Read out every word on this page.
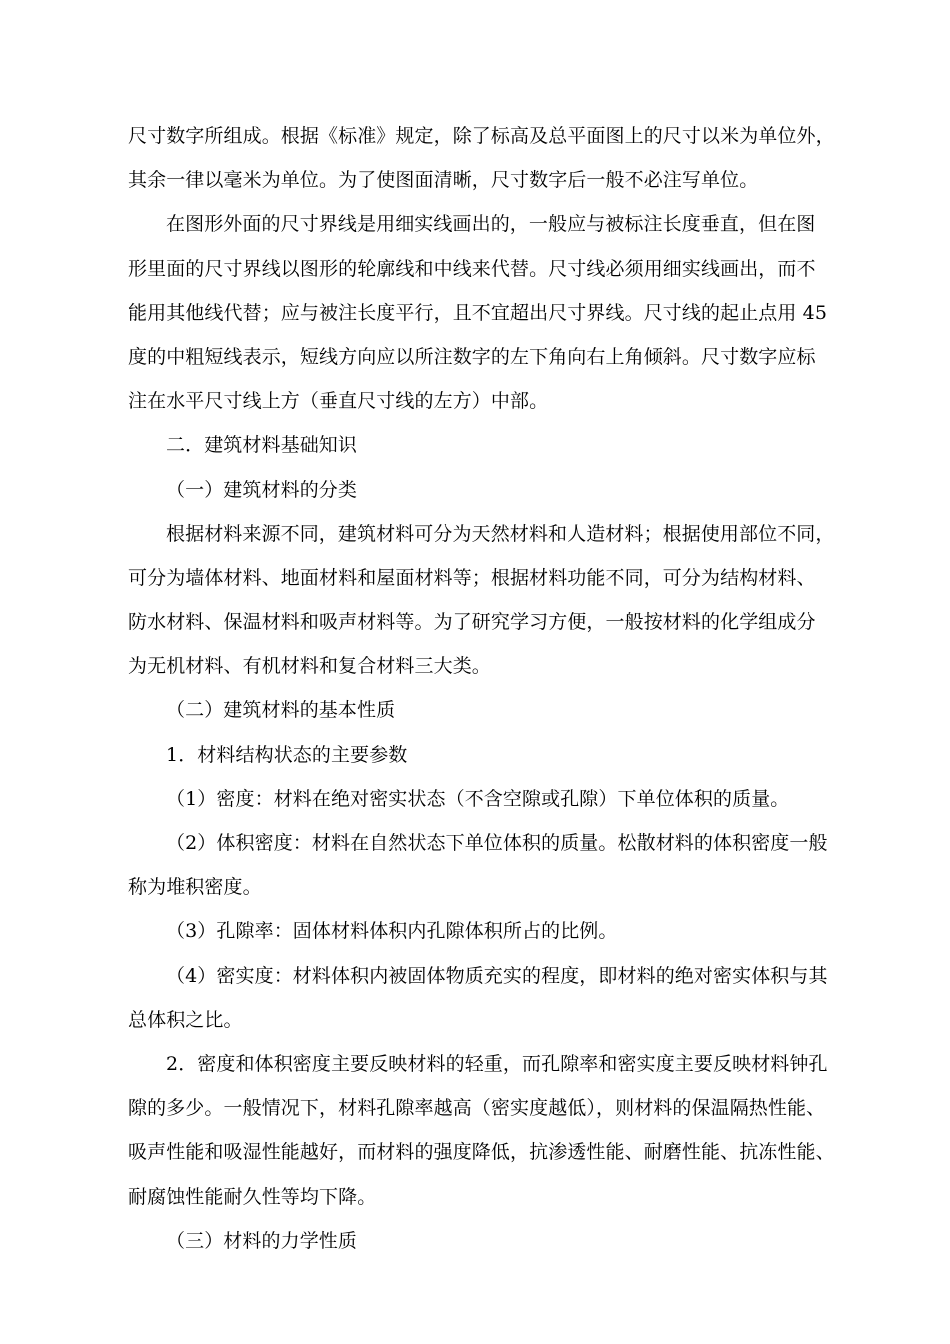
尺寸数字所组成。根据《标准》规定，除了标高及总平面图上的尺寸以米为单位外，
其余一律以毫米为单位。为了使图面清晰，尺寸数字后一般不必注写单位。
在图形外面的尺寸界线是用细实线画出的，一般应与被标注长度垂直，但在图
形里面的尺寸界线以图形的轮廓线和中线来代替。尺寸线必须用细实线画出，而不
能用其他线代替；应与被注长度平行，且不宜超出尺寸界线。尺寸线的起止点用 45
度的中粗短线表示，短线方向应以所注数字的左下角向右上角倾斜。尺寸数字应标
注在水平尺寸线上方（垂直尺寸线的左方）中部。
二．建筑材料基础知识
（一）建筑材料的分类
根据材料来源不同，建筑材料可分为天然材料和人造材料；根据使用部位不同，
可分为墙体材料、地面材料和屋面材料等；根据材料功能不同，可分为结构材料、
防水材料、保温材料和吸声材料等。为了研究学习方便，一般按材料的化学组成分
为无机材料、有机材料和复合材料三大类。
（二）建筑材料的基本性质
1．材料结构状态的主要参数
（1）密度：材料在绝对密实状态（不含空隙或孔隙）下单位体积的质量。
（2）体积密度：材料在自然状态下单位体积的质量。松散材料的体积密度一般
称为堆积密度。
（3）孔隙率：固体材料体积内孔隙体积所占的比例。
（4）密实度：材料体积内被固体物质充实的程度，即材料的绝对密实体积与其
总体积之比。
2．密度和体积密度主要反映材料的轻重，而孔隙率和密实度主要反映材料钟孔
隙的多少。一般情况下，材料孔隙率越高（密实度越低），则材料的保温隔热性能、
吸声性能和吸湿性能越好，而材料的强度降低，抗渗透性能、耐磨性能、抗冻性能、
耐腐蚀性能耐久性等均下降。
（三）材料的力学性质
